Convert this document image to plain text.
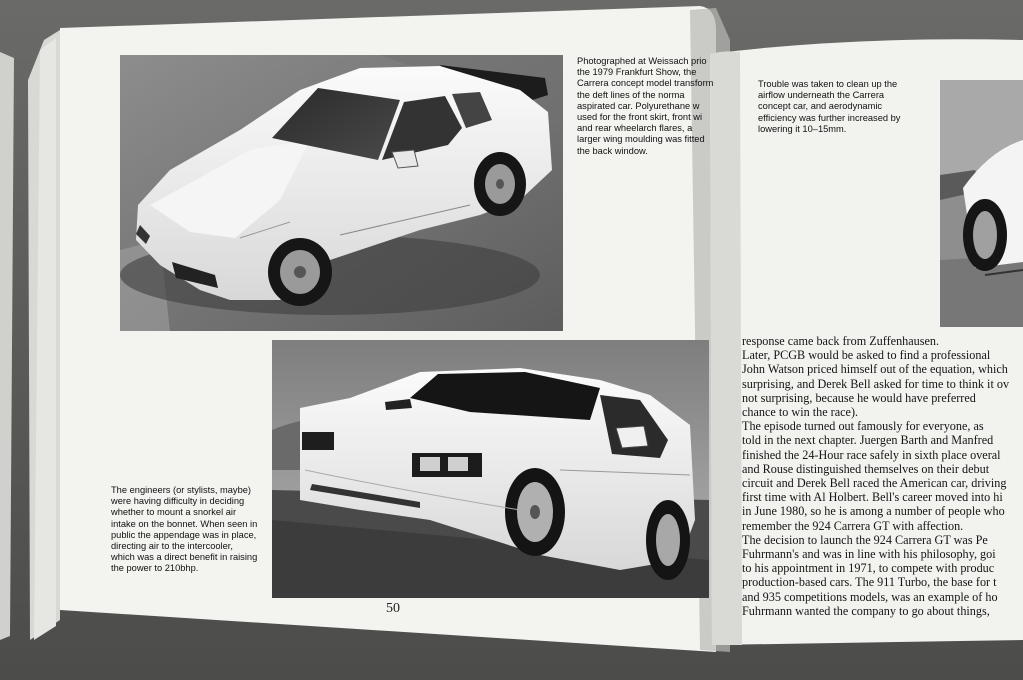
Photographed at Weissach prio
the 1979 Frankfurt Show, the
Carrera concept model transform
the deft lines of the norma
aspirated car. Polyurethane w
used for the front skirt, front wi
and rear wheelarch flares, a
larger wing moulding was fitted
the back window.
The engineers (or stylists, maybe)
were having difficulty in deciding
whether to mount a snorkel air
intake on the bonnet. When seen in
public the appendage was in place,
directing air to the intercooler,
which was a direct benefit in raising
the power to 210bhp.
Trouble was taken to clean up the
airflow underneath the Carrera
concept car, and aerodynamic
efficiency was further increased by
lowering it 10–15mm.
response came back from Zuffenhausen.
Later, PCGB would be asked to find a professional
John Watson priced himself out of the equation, which
surprising, and Derek Bell asked for time to think it ov
not surprising, because he would have preferred
chance to win the race).
The episode turned out famously for everyone, as
told in the next chapter. Juergen Barth and Manfred
finished the 24-Hour race safely in sixth place overal
and Rouse distinguished themselves on their debut
circuit and Derek Bell raced the American car, driving
first time with Al Holbert. Bell's career moved into hi
in June 1980, so he is among a number of people who
remember the 924 Carrera GT with affection.
The decision to launch the 924 Carrera GT was Pe
Fuhrmann's and was in line with his philosophy, goi
to his appointment in 1971, to compete with produc
production-based cars. The 911 Turbo, the base for t
and 935 competitions models, was an example of ho
Fuhrmann wanted the company to go about things,
50
